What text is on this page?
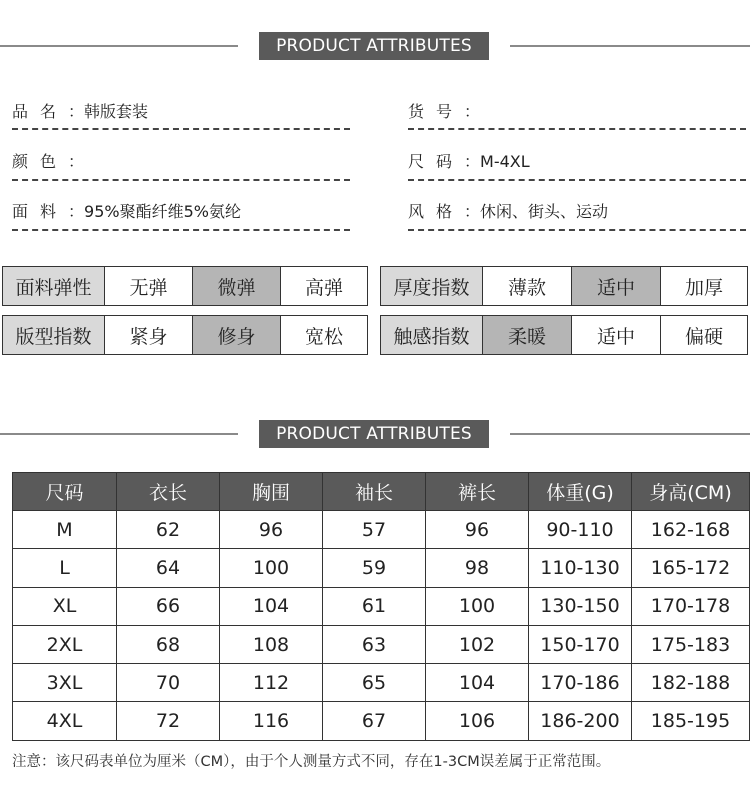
PRODUCT ATTRIBUTES
品名：韩版套装	货号：
颜色：	尺码：M-4XL
面料：95%聚酯纤维5%氨纶	风格：休闲、街头、运动
面料弹性	无弹	微弹	高弹	厚度指数	薄款	适中	加厚
版型指数	紧身	修身	宽松	触感指数	柔暖	适中	偏硬
PRODUCT ATTRIBUTES
尺码	衣长	胸围	袖长	裤长	体重(G)	身高(CM)
M	62	96	57	96	90-110	162-168
L	64	100	59	98	110-130	165-172
XL	66	104	61	100	130-150	170-178
2XL	68	108	63	102	150-170	175-183
3XL	70	112	65	104	170-186	182-188
4XL	72	116	67	106	186-200	185-195
注意：该尺码表单位为厘米（CM），由于个人测量方式不同，存在1-3CM误差属于正常范围。
